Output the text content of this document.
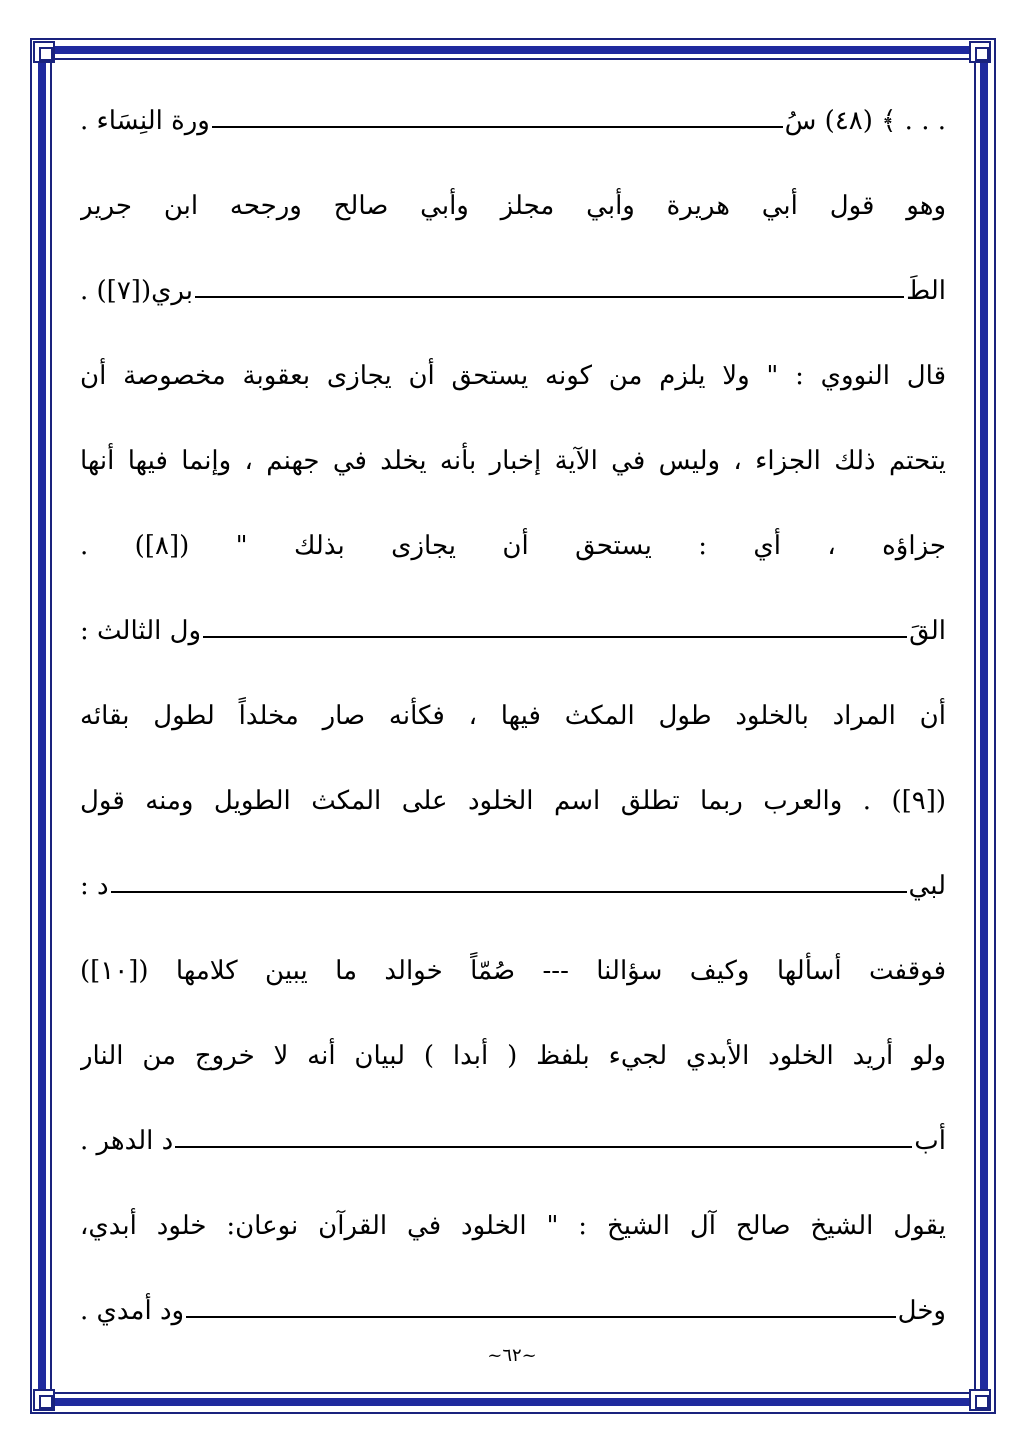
. . . ﴾ (٤٨) سُ
ورة النِسَاء .
وهو قول أبي هريرة وأبي مجلز وأبي صالح ورجحه ابن جرير
الطَ
بري([٧]) .
قال النووي : " ولا يلزم من كونه يستحق أن يجازى بعقوبة مخصوصة أن
يتحتم ذلك الجزاء ، وليس في الآية إخبار بأنه يخلد في جهنم ، وإنما فيها أنها
جزاؤه ، أي : يستحق أن يجازى بذلك " ([٨]) .
القَ
ول الثالث :
أن المراد بالخلود طول المكث فيها ، فكأنه صار مخلداً لطول بقائه
([٩]) . والعرب ربما تطلق اسم الخلود على المكث الطويل ومنه قول
لبي
د :
فوقفت أسألها وكيف سؤالنا --- صُمّاً خوالد ما يبين كلامها ([١٠])
ولو أريد الخلود الأبدي لجيء بلفظ ( أبدا ) لبيان أنه لا خروج من النار
أب
د الدهر .
يقول الشيخ صالح آل الشيخ : " الخلود في القرآن نوعان: خلود أبدي،
وخل
ود أمدي .
~٦٢~
